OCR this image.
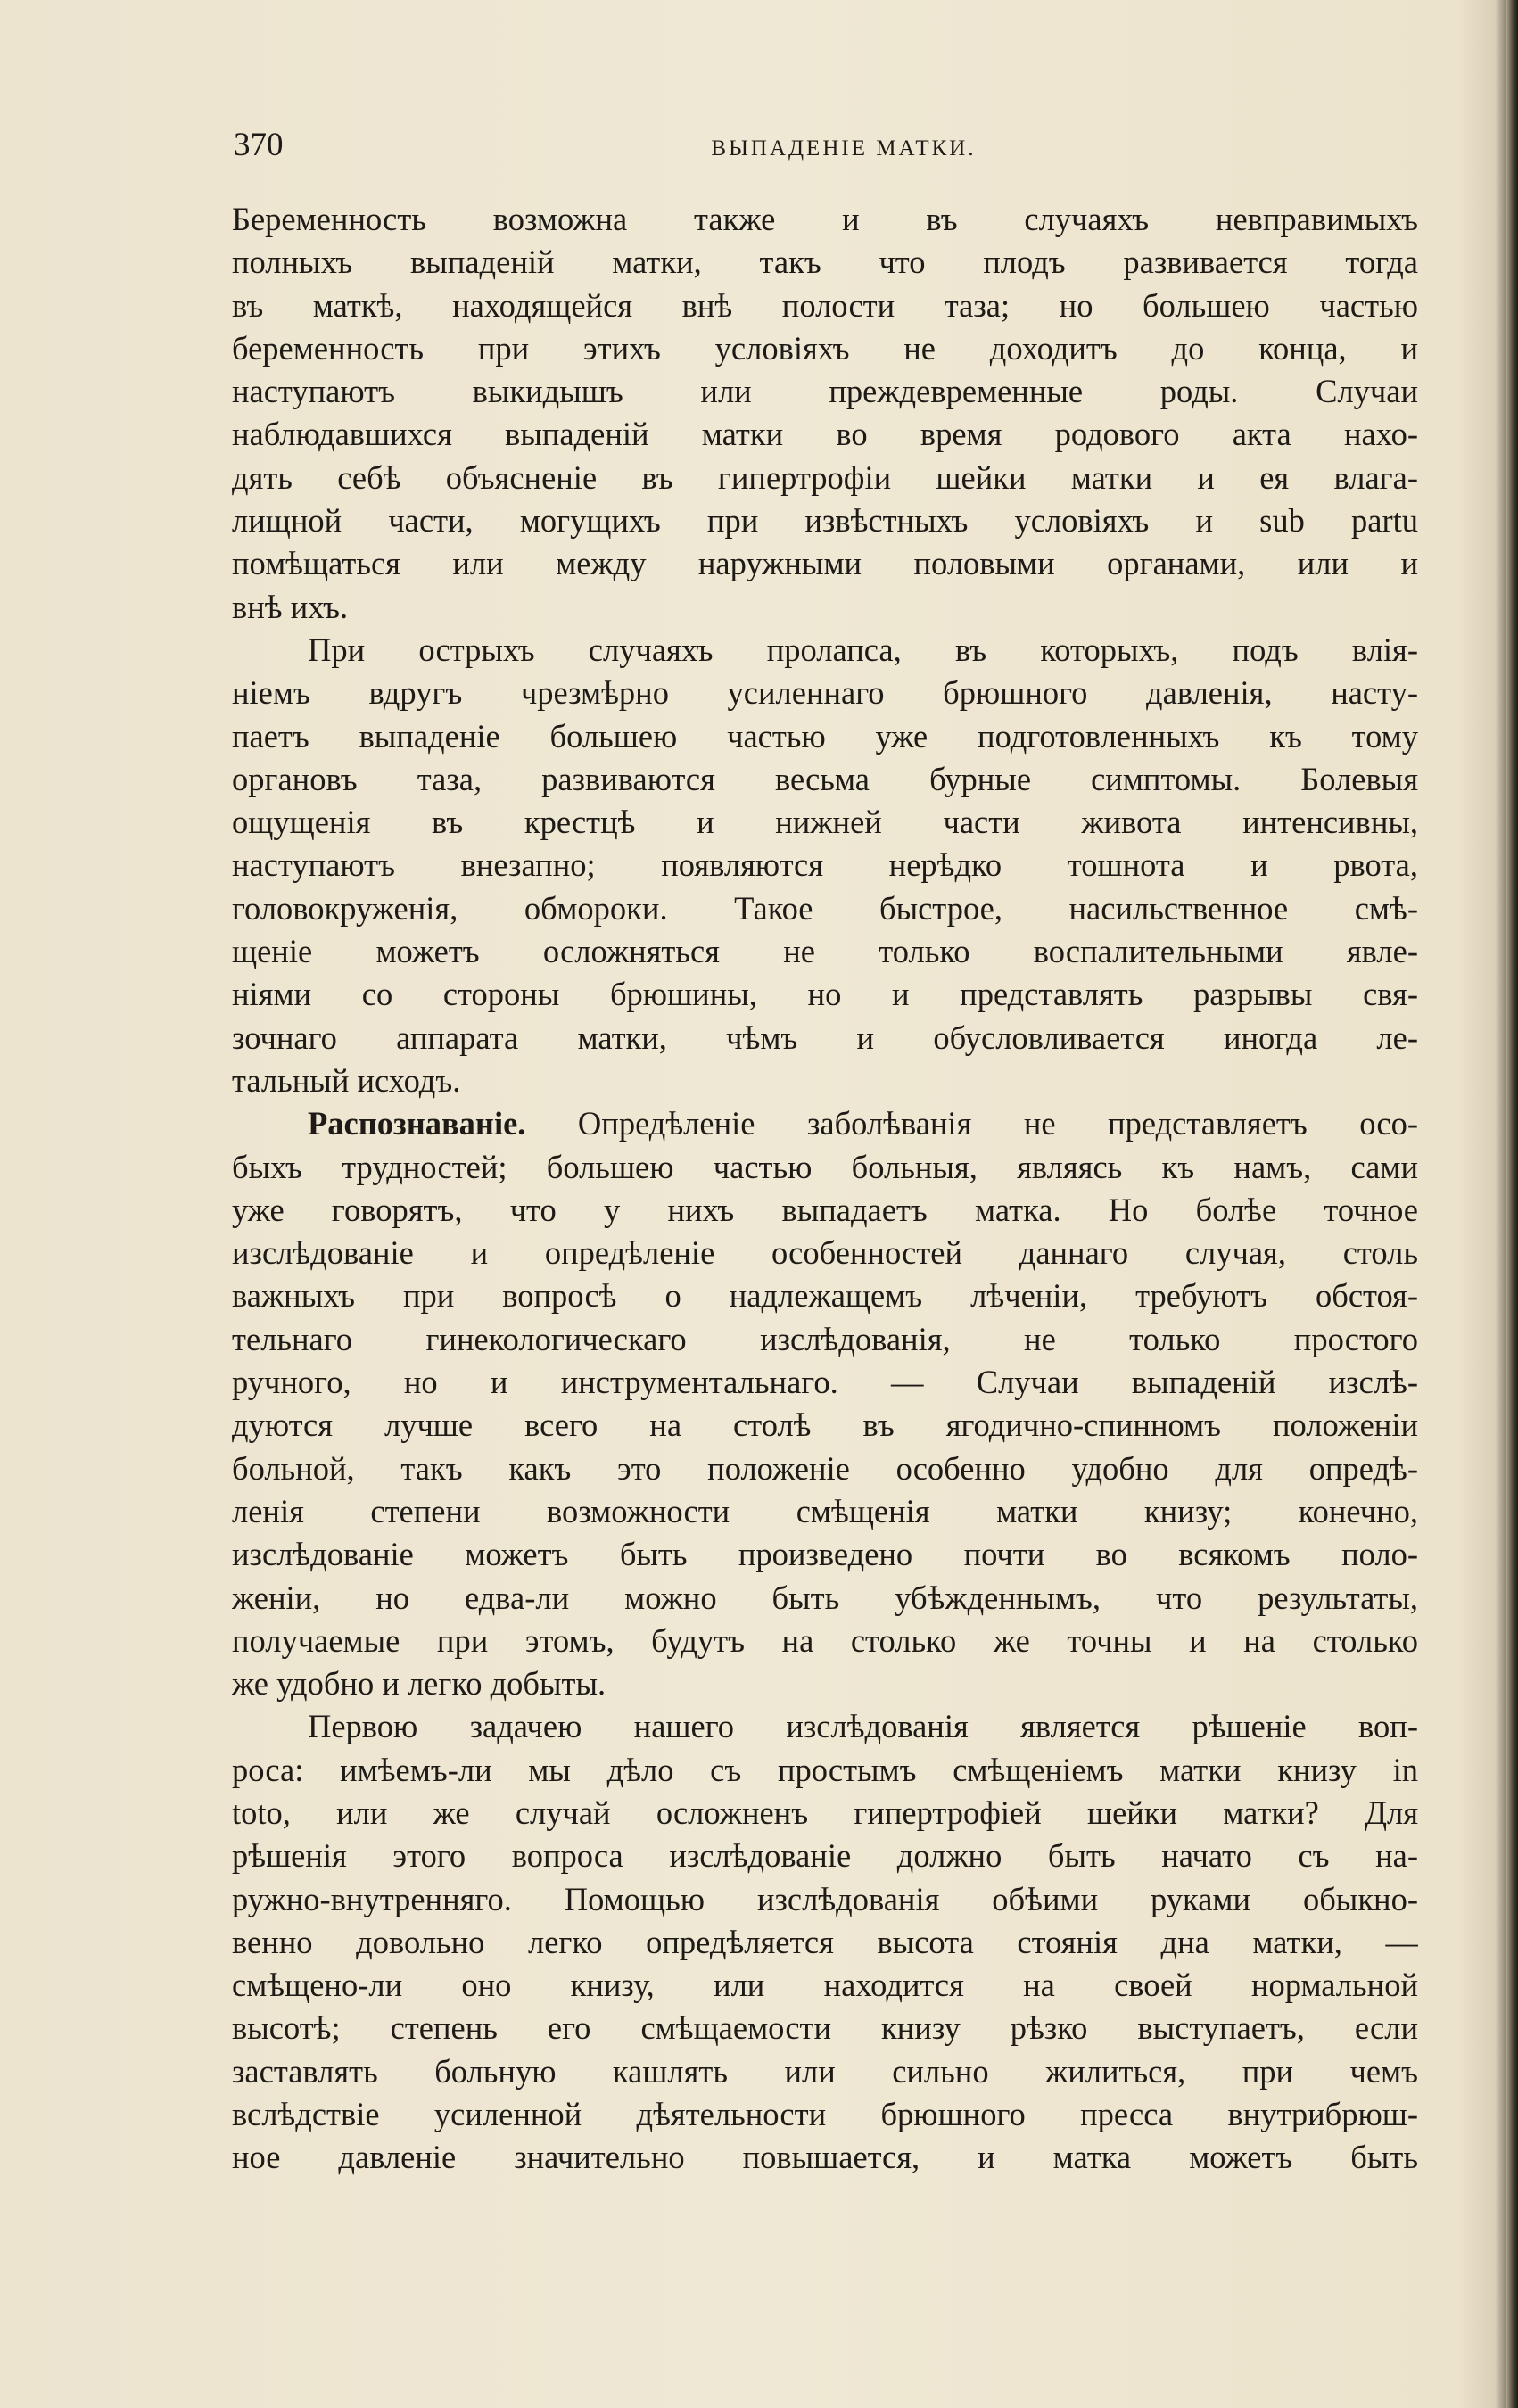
370	ВЫПАДЕНІЕ МАТКИ.
Беременность возможна также и въ случаяхъ невправимыхъ
полныхъ выпаденій матки, такъ что плодъ развивается тогда
въ маткѣ, находящейся внѣ полости таза; но большею частью
беременность при этихъ условіяхъ не доходитъ до конца, и
наступаютъ выкидышъ или преждевременные роды. Случаи
наблюдавшихся выпаденій матки во время родового акта нахо-
дять себѣ объясненіе въ гипертрофіи шейки матки и ея влага-
лищной части, могущихъ при извѣстныхъ условіяхъ и sub partu
помѣщаться или между наружными половыми органами, или и
внѣ ихъ.
При острыхъ случаяхъ пролапса, въ которыхъ, подъ влія-
ніемъ вдругъ чрезмѣрно усиленнаго брюшного давленія, насту-
паетъ выпаденіе большею частью уже подготовленныхъ къ тому
органовъ таза, развиваются весьма бурные симптомы. Болевыя
ощущенія въ крестцѣ и нижней части живота интенсивны,
наступаютъ внезапно; появляются нерѣдко тошнота и рвота,
головокруженія, обмороки. Такое быстрое, насильственное смѣ-
щеніе можетъ осложняться не только воспалительными явле-
ніями со стороны брюшины, но и представлять разрывы свя-
зочнаго аппарата матки, чѣмъ и обусловливается иногда ле-
тальный исходъ.
Распознаваніе. Опредѣленіе заболѣванія не представляетъ осо-
быхъ трудностей; большею частью больныя, являясь къ намъ, сами
уже говорятъ, что у нихъ выпадаетъ матка. Но болѣе точное
изслѣдованіе и опредѣленіе особенностей даннаго случая, столь
важныхъ при вопросѣ о надлежащемъ лѣченіи, требуютъ обстоя-
тельнаго гинекологическаго изслѣдованія, не только простого
ручного, но и инструментальнаго. — Случаи выпаденій изслѣ-
дуются лучше всего на столѣ въ ягодично-спинномъ положеніи
больной, такъ какъ это положеніе особенно удобно для опредѣ-
ленія степени возможности смѣщенія матки книзу; конечно,
изслѣдованіе можетъ быть произведено почти во всякомъ поло-
женіи, но едва-ли можно быть убѣжденнымъ, что результаты,
получаемые при этомъ, будутъ на столько же точны и на столько
же удобно и легко добыты.
Первою задачею нашего изслѣдованія является рѣшеніе воп-
роса: имѣемъ-ли мы дѣло съ простымъ смѣщеніемъ матки книзу in
toto, или же случай осложненъ гипертрофіей шейки матки? Для
рѣшенія этого вопроса изслѣдованіе должно быть начато съ на-
ружно-внутренняго. Помощью изслѣдованія обѣими руками обыкно-
венно довольно легко опредѣляется высота стоянія дна матки, —
смѣщено-ли оно книзу, или находится на своей нормальной
высотѣ; степень его смѣщаемости книзу рѣзко выступаетъ, если
заставлять больную кашлять или сильно жилиться, при чемъ
вслѣдствіе усиленной дѣятельности брюшного пресса внутрибрюш-
ное давленіе значительно повышается, и матка можетъ быть
